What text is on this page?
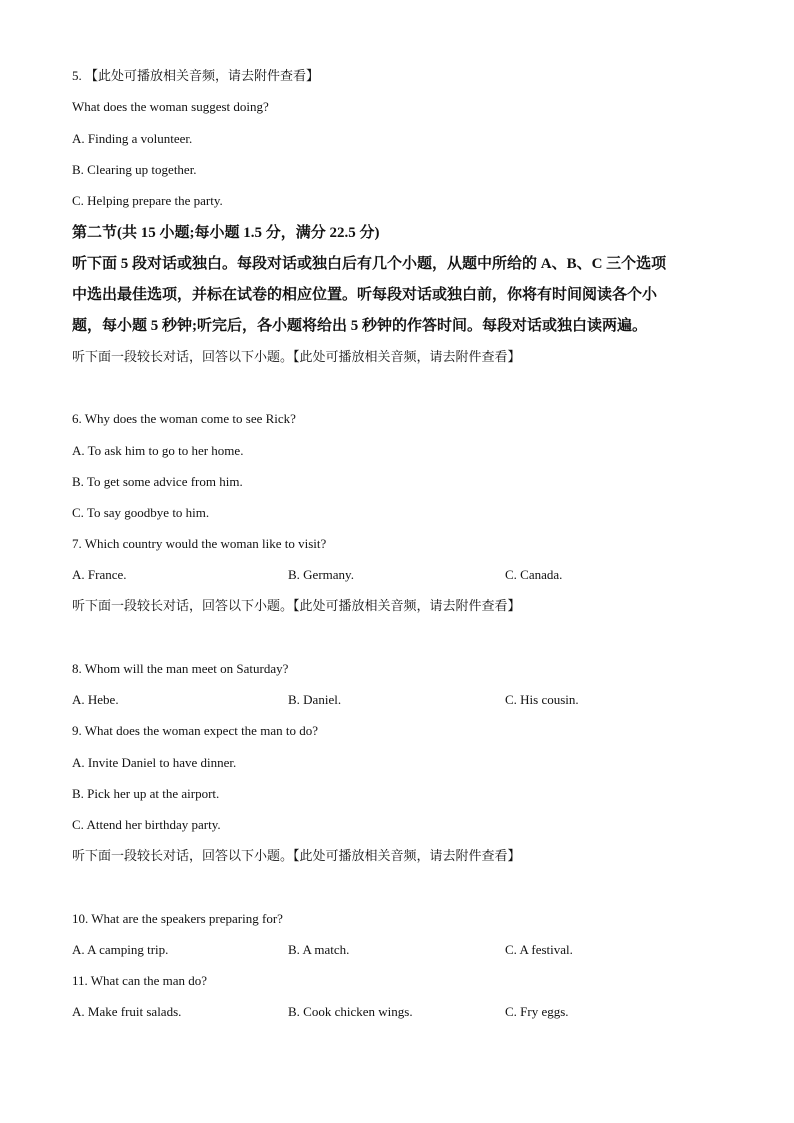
5. 【此处可播放相关音频，请去附件查看】
What does the woman suggest doing?
A. Finding a volunteer.
B. Clearing up together.
C. Helping prepare the party.
第二节(共 15 小题;每小题 1.5 分，满分 22.5 分)
听下面 5 段对话或独白。每段对话或独白后有几个小题，从题中所给的 A、B、C 三个选项
中选出最佳选项，并标在试卷的相应位置。听每段对话或独白前，你将有时间阅读各个小
题，每小题 5 秒钟;听完后，各小题将给出 5 秒钟的作答时间。每段对话或独白读两遍。
听下面一段较长对话，回答以下小题。【此处可播放相关音频，请去附件查看】
6. Why does the woman come to see Rick?
A. To ask him to go to her home.
B. To get some advice from him.
C. To say goodbye to him.
7. Which country would the woman like to visit?
A. France.	B. Germany.	C. Canada.
听下面一段较长对话，回答以下小题。【此处可播放相关音频，请去附件查看】
8. Whom will the man meet on Saturday?
A. Hebe.	B. Daniel.	C. His cousin.
9. What does the woman expect the man to do?
A. Invite Daniel to have dinner.
B. Pick her up at the airport.
C. Attend her birthday party.
听下面一段较长对话，回答以下小题。【此处可播放相关音频，请去附件查看】
10. What are the speakers preparing for?
A. A camping trip.	B. A match.	C. A festival.
11. What can the man do?
A. Make fruit salads.	B. Cook chicken wings.	C. Fry eggs.
